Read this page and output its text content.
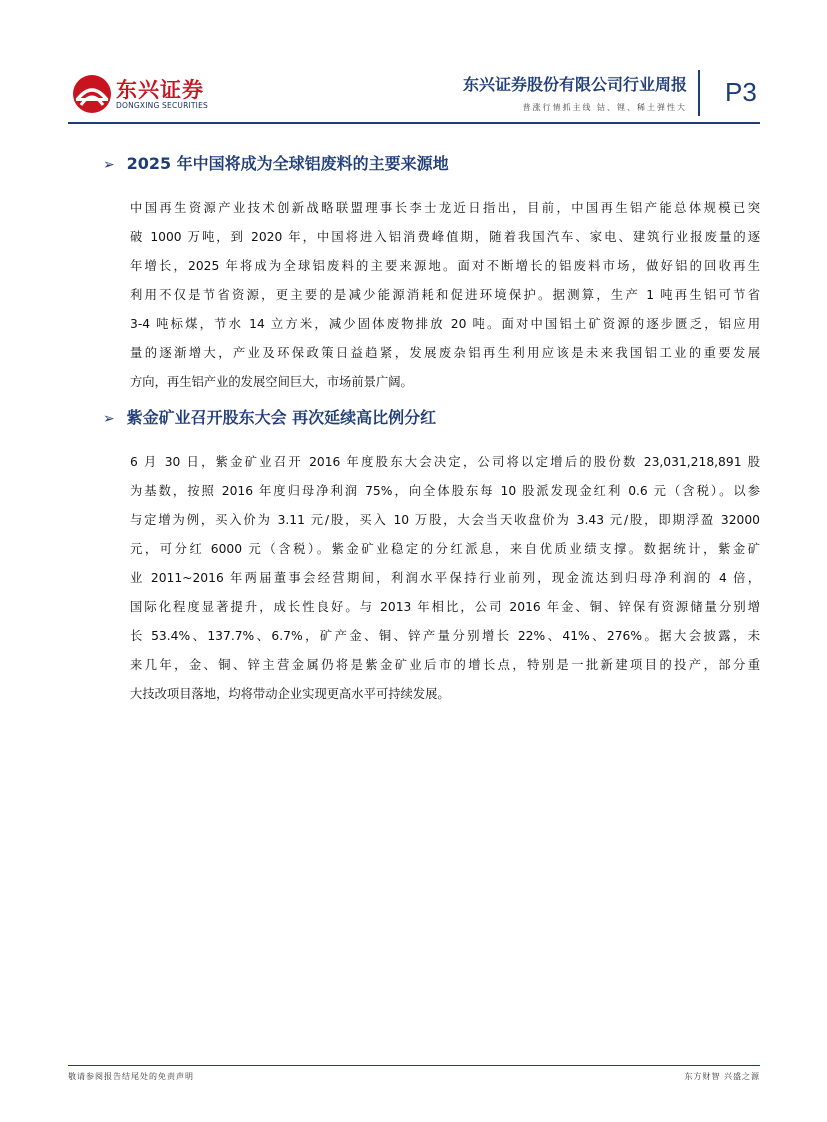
东兴证券
DONGXING SECURITIES
东兴证券股份有限公司行业周报
普涨行情抓主线 钴、锂、稀土弹性大
P3
➢ 2025 年中国将成为全球铝废料的主要来源地
中国再生资源产业技术创新战略联盟理事长李士龙近日指出，目前，中国再生铝产能总体规模已突
破 1000 万吨，到 2020 年，中国将进入铝消费峰值期，随着我国汽车、家电、建筑行业报废量的逐
年增长，2025 年将成为全球铝废料的主要来源地。面对不断增长的铝废料市场，做好铝的回收再生
利用不仅是节省资源，更主要的是减少能源消耗和促进环境保护。据测算，生产 1 吨再生铝可节省
3-4 吨标煤，节水 14 立方米，减少固体废物排放 20 吨。面对中国铝土矿资源的逐步匮乏，铝应用
量的逐渐增大，产业及环保政策日益趋紧，发展废杂铝再生利用应该是未来我国铝工业的重要发展
方向，再生铝产业的发展空间巨大，市场前景广阔。
➢ 紫金矿业召开股东大会 再次延续高比例分红
6 月 30 日，紫金矿业召开 2016 年度股东大会决定，公司将以定增后的股份数 23,031,218,891 股
为基数，按照 2016 年度归母净利润 75%，向全体股东每 10 股派发现金红利 0.6 元（含税）。以参
与定增为例，买入价为 3.11 元/股，买入 10 万股，大会当天收盘价为 3.43 元/股，即期浮盈 32000
元，可分红 6000 元（含税）。紫金矿业稳定的分红派息，来自优质业绩支撑。数据统计，紫金矿
业 2011~2016 年两届董事会经营期间，利润水平保持行业前列，现金流达到归母净利润的 4 倍，
国际化程度显著提升，成长性良好。与 2013 年相比，公司 2016 年金、铜、锌保有资源储量分别增
长 53.4%、137.7%、6.7%，矿产金、铜、锌产量分别增长 22%、41%、276%。据大会披露，未
来几年，金、铜、锌主营金属仍将是紫金矿业后市的增长点，特别是一批新建项目的投产，部分重
大技改项目落地，均将带动企业实现更高水平可持续发展。
敬请参阅报告结尾处的免责声明	东方财智 兴盛之源
